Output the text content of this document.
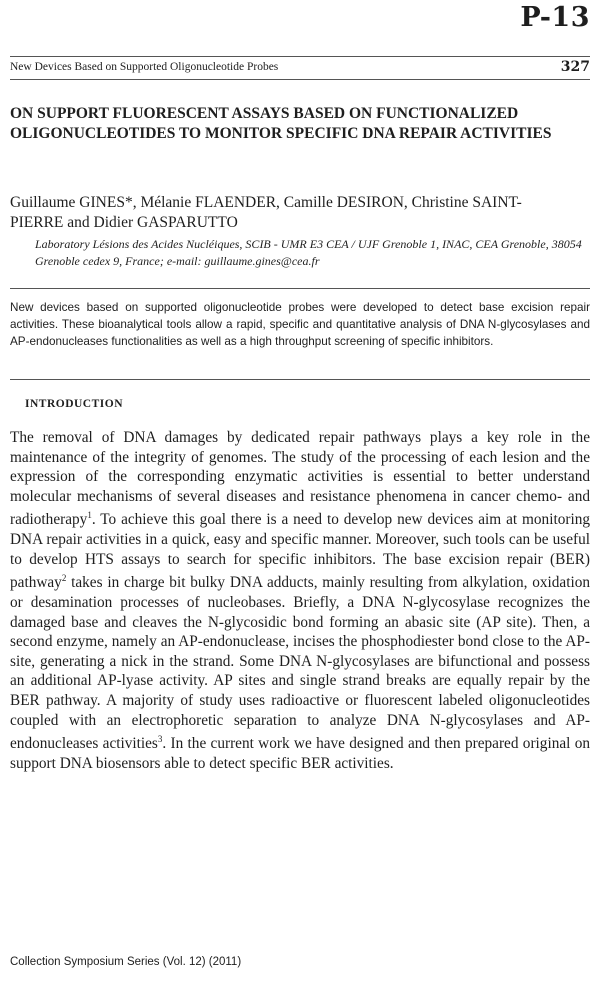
P-13
New Devices Based on Supported Oligonucleotide Probes	327
ON SUPPORT FLUORESCENT ASSAYS BASED ON FUNCTIONALIZED OLIGONUCLEOTIDES TO MONITOR SPECIFIC DNA REPAIR ACTIVITIES
Guillaume GINES*, Mélanie FLAENDER, Camille DESIRON, Christine SAINT-PIERRE and Didier GASPARUTTO
Laboratory Lésions des Acides Nucléiques, SCIB - UMR E3 CEA / UJF Grenoble 1, INAC, CEA Grenoble, 38054 Grenoble cedex 9, France; e-mail: guillaume.gines@cea.fr
New devices based on supported oligonucleotide probes were developed to detect base excision repair activities. These bioanalytical tools allow a rapid, specific and quantitative analysis of DNA N-glycosylases and AP-endonucleases functionalities as well as a high throughput screening of specific inhibitors.
INTRODUCTION
The removal of DNA damages by dedicated repair pathways plays a key role in the maintenance of the integrity of genomes. The study of the processing of each lesion and the expression of the corresponding enzymatic activities is essential to better understand molecular mechanisms of several diseases and resistance phenomena in cancer chemo- and radiotherapy$^1$. To achieve this goal there is a need to develop new devices aim at monitoring DNA repair activities in a quick, easy and specific manner. Moreover, such tools can be useful to develop HTS assays to search for specific inhibitors. The base excision repair (BER) pathway$^2$ takes in charge bit bulky DNA adducts, mainly resulting from alkylation, oxidation or desamination processes of nucleobases. Briefly, a DNA N-glycosylase recognizes the damaged base and cleaves the N-glycosidic bond forming an abasic site (AP site). Then, a second enzyme, namely an AP-endonuclease, incises the phosphodiester bond close to the AP-site, generating a nick in the strand. Some DNA N-glycosylases are bifunctional and possess an additional AP-lyase activity. AP sites and single strand breaks are equally repair by the BER pathway. A majority of study uses radioactive or fluorescent labeled oligonucleotides coupled with an electrophoretic separation to analyze DNA N-glycosylases and AP-endonucleases activities$^3$. In the current work we have designed and then prepared original on support DNA biosensors able to detect specific BER activities.
Collection Symposium Series (Vol. 12) (2011)
